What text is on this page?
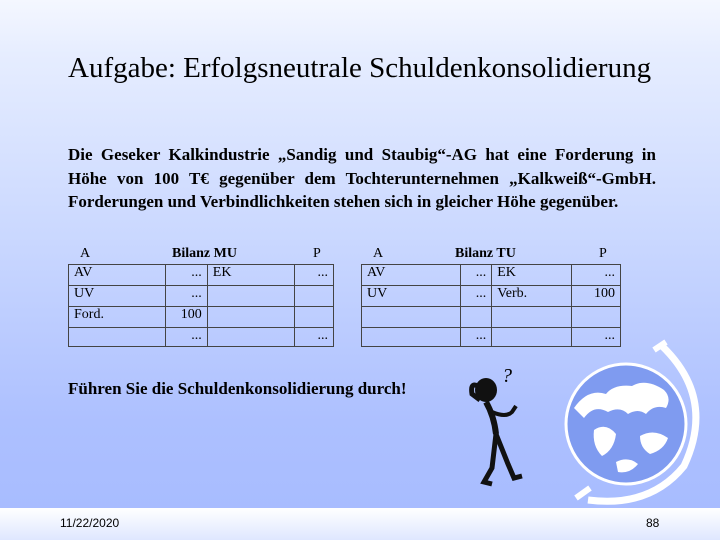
Aufgabe: Erfolgsneutrale Schuldenkonsolidierung
Die Geseker Kalkindustrie „Sandig und Staubig“-AG hat eine Forderung in
Höhe von 100 T€ gegenüber dem Tochterunternehmen „Kalkweiß“-GmbH.
Forderungen und Verbindlichkeiten stehen sich in gleicher Höhe gegenüber.
A	Bilanz MU	P
AV	...	EK	...
UV	...		
Ford.	100		
	...		...
A	Bilanz TU	P
AV	...	EK	...
UV	...	Verb.	100

	...		...
Führen Sie die Schuldenkonsolidierung durch!
?
11/22/2020	88
